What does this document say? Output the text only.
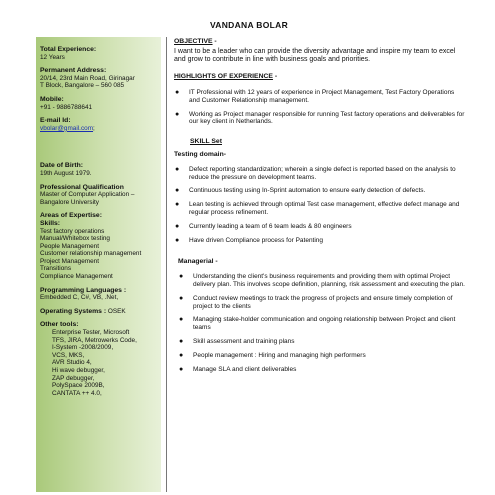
VANDANA BOLAR
Total Experience:
12 Years
Permanent Address:
20/14, 23rd Main Road, Girinagar
T Block, Bangalore – 560 085
Mobile:
+91 - 9886788641
E-mail Id:
vbolar@gmail.com;
Date of Birth:
19th August 1979.
Professional Qualification
Master of Computer Application –
Bangalore University
Areas of Expertise:
Skills:
Test factory operations
Manual/Whitebox testing
People Management
Customer relationship management
Project Management
Transitions
Compliance Management
Programming Languages :
Embedded C, C#, VB, .Net,
Operating Systems : OSEK
Other tools:
Enterprise Tester, Microsoft
TFS, JIRA, Metrowerks Code,
I-System -2008/2009,
VCS, MKS,
AVR Studio 4,
Hi wave debugger,
ZAP debugger,
PolySpace 2009B,
CANTATA ++ 4.0,
OBJECTIVE -

I want to be a leader who can provide the diversity advantage and inspire my team to excel and grow to contribute in line with business goals and priorities.

HIGHLIGHTS OF EXPERIENCE -
● IT Professional with 12 years of experience in Project Management, Test Factory Operations and Customer Relationship management.
● Working as Project manager responsible for running Test factory operations and deliverables for our key client in Netherlands.
SKILL Set
Testing domain-
● Defect reporting standardization; wherein a single defect is reported based on the analysis to reduce the pressure on development teams.
● Continuous testing using In-Sprint automation to ensure early detection of defects.
● Lean testing is achieved through optimal Test case management, effective defect manage and regular process refinement.
● Currently leading a team of 6 team leads & 80 engineers
● Have driven Compliance process for Patenting
Managerial -
● Understanding the client's business requirements and providing them with optimal Project delivery plan. This involves scope definition, planning, risk assessment and executing the plan.
● Conduct review meetings to track the progress of projects and ensure timely completion of project to the clients
● Managing stake-holder communication and ongoing relationship between Project and client teams
● Skill assessment and training plans
● People management : Hiring and managing high performers
● Manage SLA and client deliverables
